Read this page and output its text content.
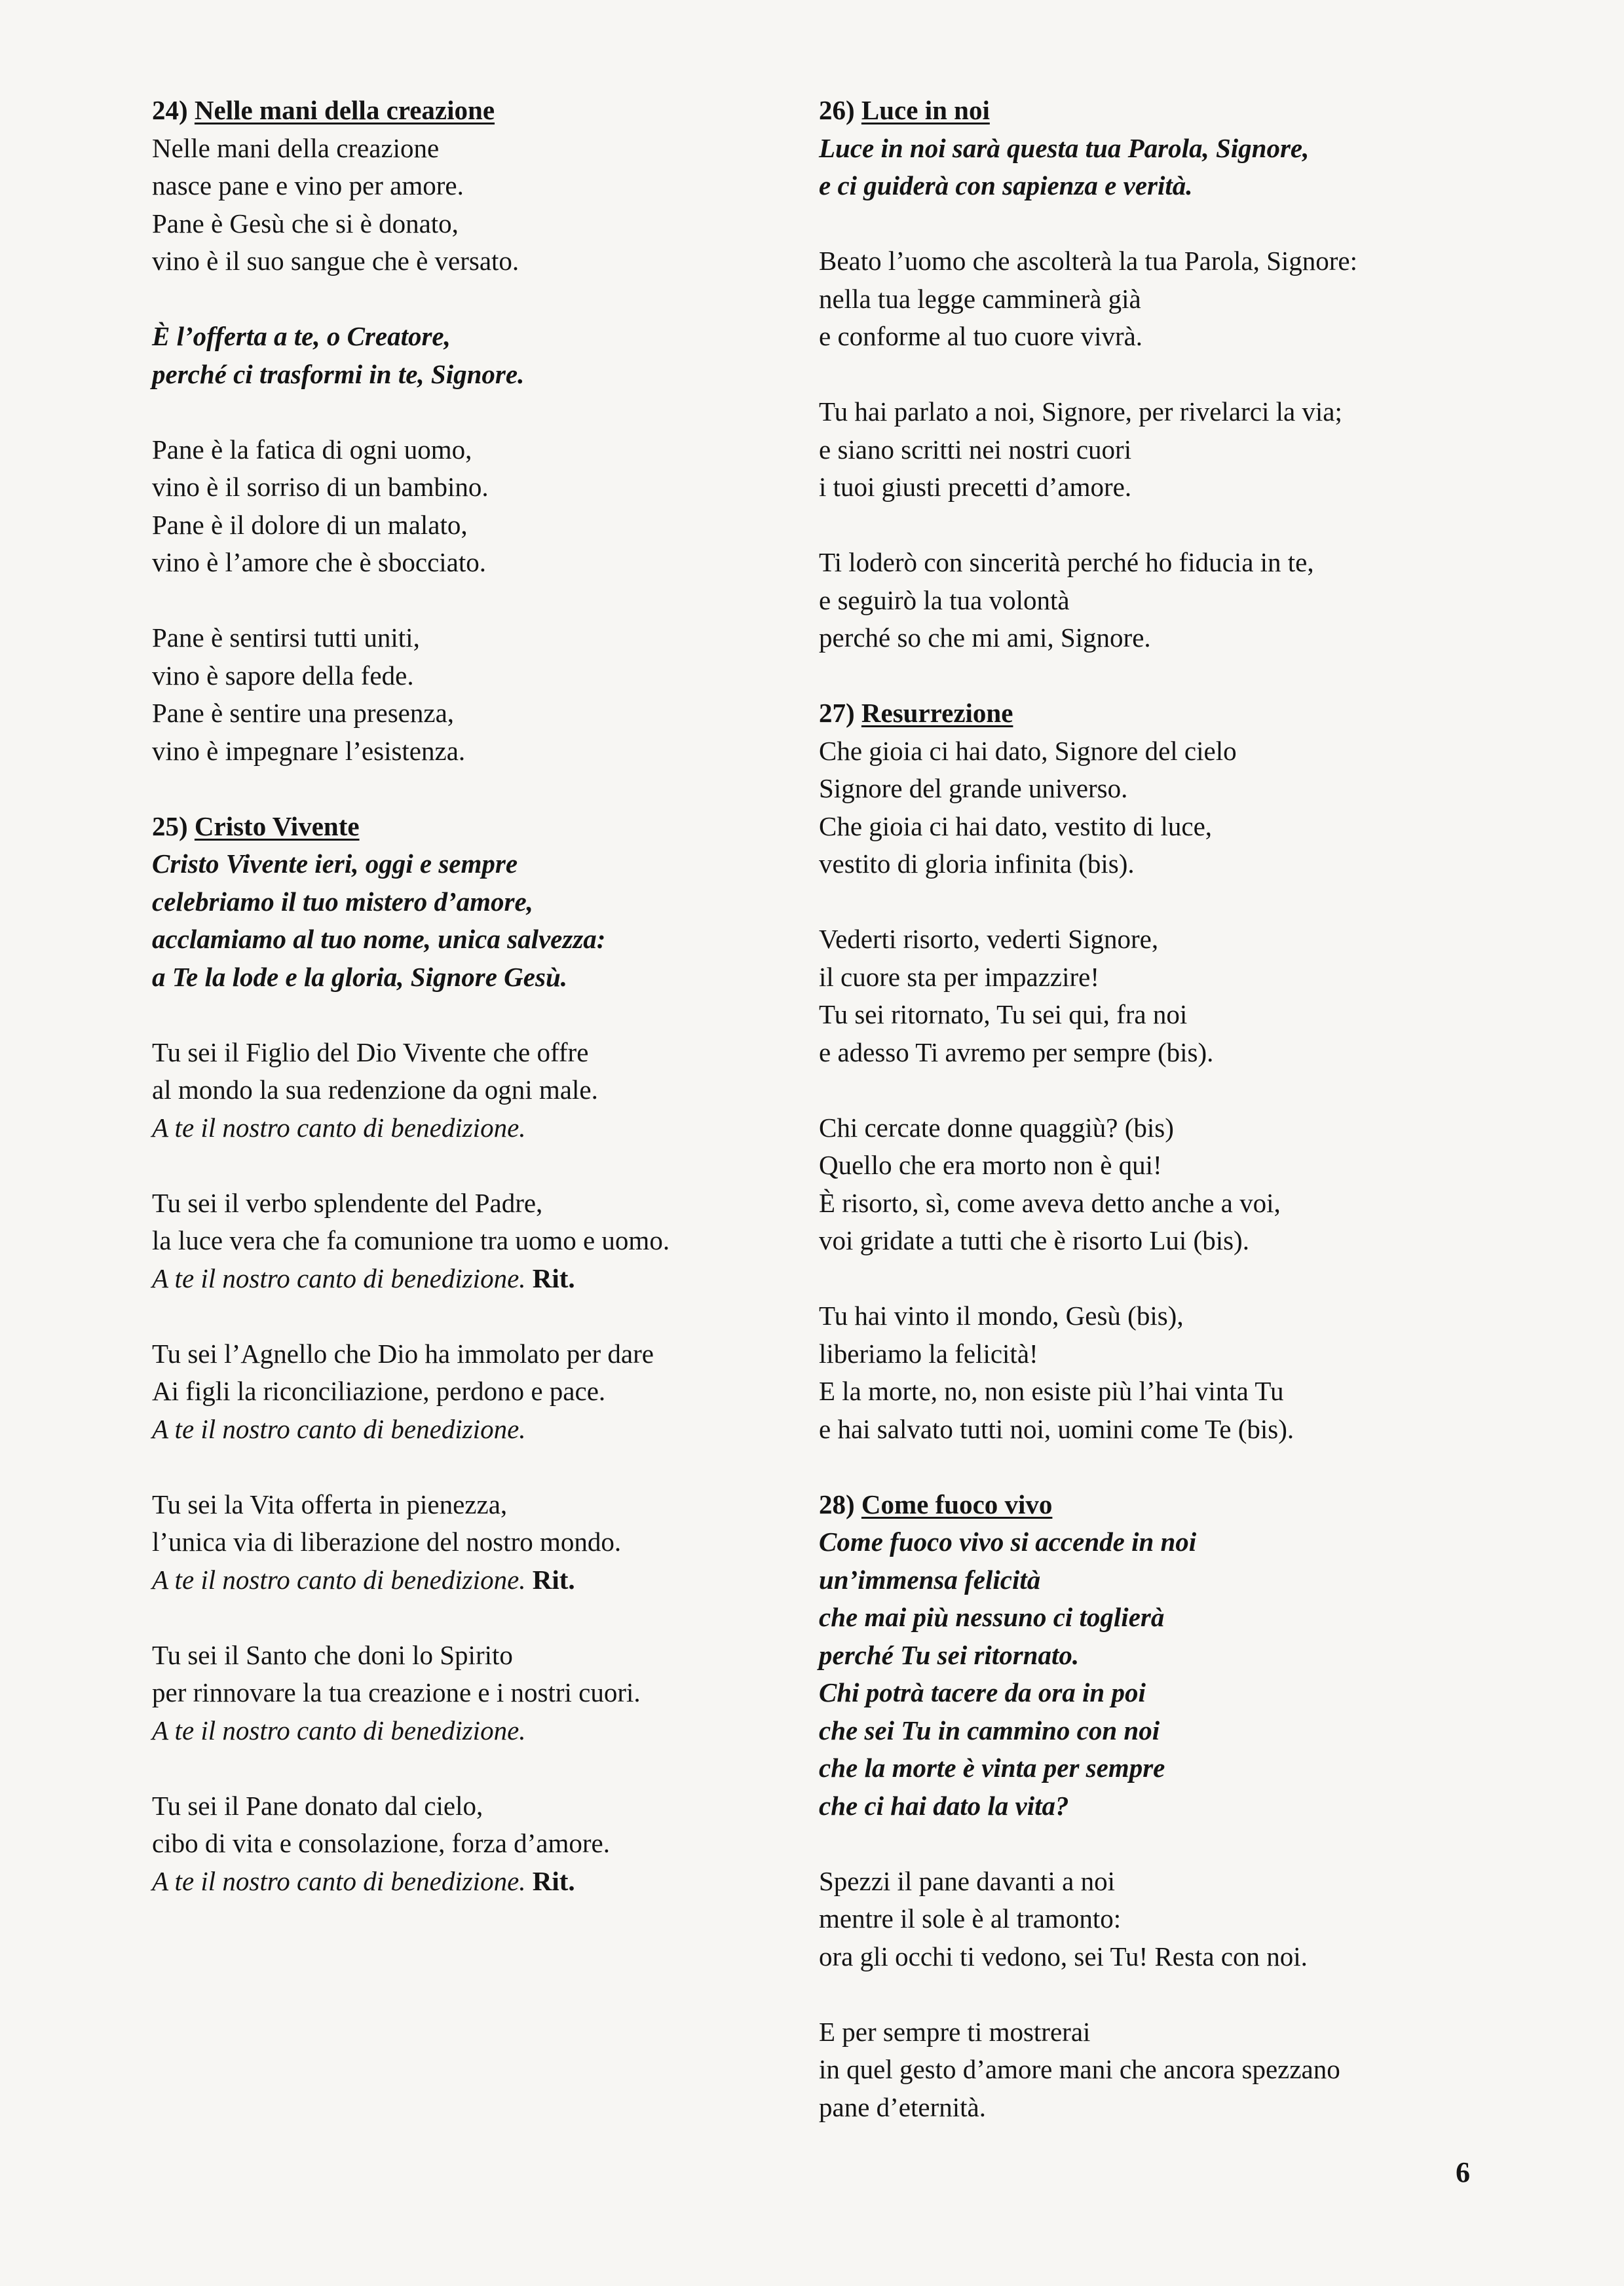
24) Nelle mani della creazione
Nelle mani della creazione
nasce pane e vino per amore.
Pane è Gesù che si è donato,
vino è il suo sangue che è versato.
È l’offerta a te, o Creatore,
perché ci trasformi in te, Signore.
Pane è la fatica di ogni uomo,
vino è il sorriso di un bambino.
Pane è il dolore di un malato,
vino è l’amore che è sbocciato.
Pane è sentirsi tutti uniti,
vino è sapore della fede.
Pane è sentire una presenza,
vino è impegnare l’esistenza.
25) Cristo Vivente
Cristo Vivente ieri, oggi e sempre
celebriamo il tuo mistero d’amore,
acclamiamo al tuo nome, unica salvezza:
a Te la lode e la gloria, Signore Gesù.
Tu sei il Figlio del Dio Vivente che offre
al mondo la sua redenzione da ogni male.
A te il nostro canto di benedizione.
Tu sei il verbo splendente del Padre,
la luce vera che fa comunione tra uomo e uomo.
A te il nostro canto di benedizione. Rit.
Tu sei l’Agnello che Dio ha immolato per dare
Ai figli la riconciliazione, perdono e pace.
A te il nostro canto di benedizione.
Tu sei la Vita offerta in pienezza,
l’unica via di liberazione del nostro mondo.
A te il nostro canto di benedizione. Rit.
Tu sei il Santo che doni lo Spirito
per rinnovare la tua creazione e i nostri cuori.
A te il nostro canto di benedizione.
Tu sei il Pane donato dal cielo,
cibo di vita e consolazione, forza d’amore.
A te il nostro canto di benedizione. Rit.
26) Luce in noi
Luce in noi sarà questa tua Parola, Signore,
e ci guiderà con sapienza e verità.
Beato l’uomo che ascolterà la tua Parola, Signore:
nella tua legge camminerà già
e conforme al tuo cuore vivrà.
Tu hai parlato a noi, Signore, per rivelarci la via;
e siano scritti nei nostri cuori
i tuoi giusti precetti d’amore.
Ti loderò con sincerità perché ho fiducia in te,
e seguirò la tua volontà
perché so che mi ami, Signore.
27) Resurrezione
Che gioia ci hai dato, Signore del cielo
Signore del grande universo.
Che gioia ci hai dato, vestito di luce,
vestito di gloria infinita (bis).
Vederti risorto, vederti Signore,
il cuore sta per impazzire!
Tu sei ritornato, Tu sei qui, fra noi
e adesso Ti avremo per sempre (bis).
Chi cercate donne quaggiù? (bis)
Quello che era morto non è qui!
È risorto, sì, come aveva detto anche a voi,
voi gridate a tutti che è risorto Lui (bis).
Tu hai vinto il mondo, Gesù (bis),
liberiamo la felicità!
E la morte, no, non esiste più l’hai vinta Tu
e hai salvato tutti noi, uomini come Te (bis).
28) Come fuoco vivo
Come fuoco vivo si accende in noi
un’immensa felicità
che mai più nessuno ci toglierà
perché Tu sei ritornato.
Chi potrà tacere da ora in poi
che sei Tu in cammino con noi
che la morte è vinta per sempre
che ci hai dato la vita?
Spezzi il pane davanti a noi
mentre il sole è al tramonto:
ora gli occhi ti vedono, sei Tu! Resta con noi.
E per sempre ti mostrerai
in quel gesto d’amore mani che ancora spezzano
pane d’eternità.
6
